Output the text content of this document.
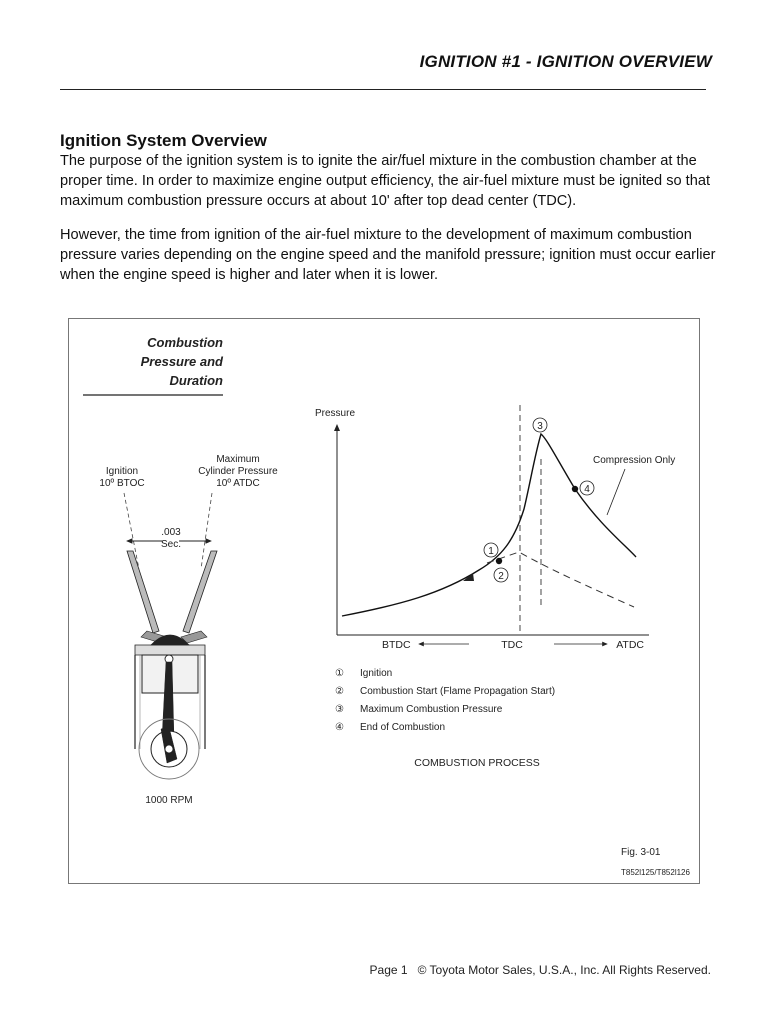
IGNITION #1 - IGNITION OVERVIEW
Ignition System Overview

The purpose of the ignition system is to ignite the air/fuel mixture in the combustion chamber at the proper time. In order to maximize engine output efficiency, the air-fuel mixture must be ignited so that maximum combustion pressure occurs at about 10' after top dead center (TDC).

However, the time from ignition of the air-fuel mixture to the development of maximum combustion pressure varies depending on the engine speed and the manifold pressure; ignition must occur earlier when the engine speed is higher and later when it is lower.

Combustion
Pressure and
Duration
Ignition
10º BTOC
Maximum
Cylinder Pressure
10º ATDC
.003
Sec.
1000 RPM
Pressure
1
2
3
4
Compression Only
BTDC	TDC	ATDC
① Ignition
② Combustion Start (Flame Propagation Start)
③ Maximum Combustion Pressure
④ End of Combustion
COMBUSTION PROCESS
Fig. 3-01
T852l125/T852l126
Page 1 © Toyota Motor Sales, U.S.A., Inc. All Rights Reserved.
